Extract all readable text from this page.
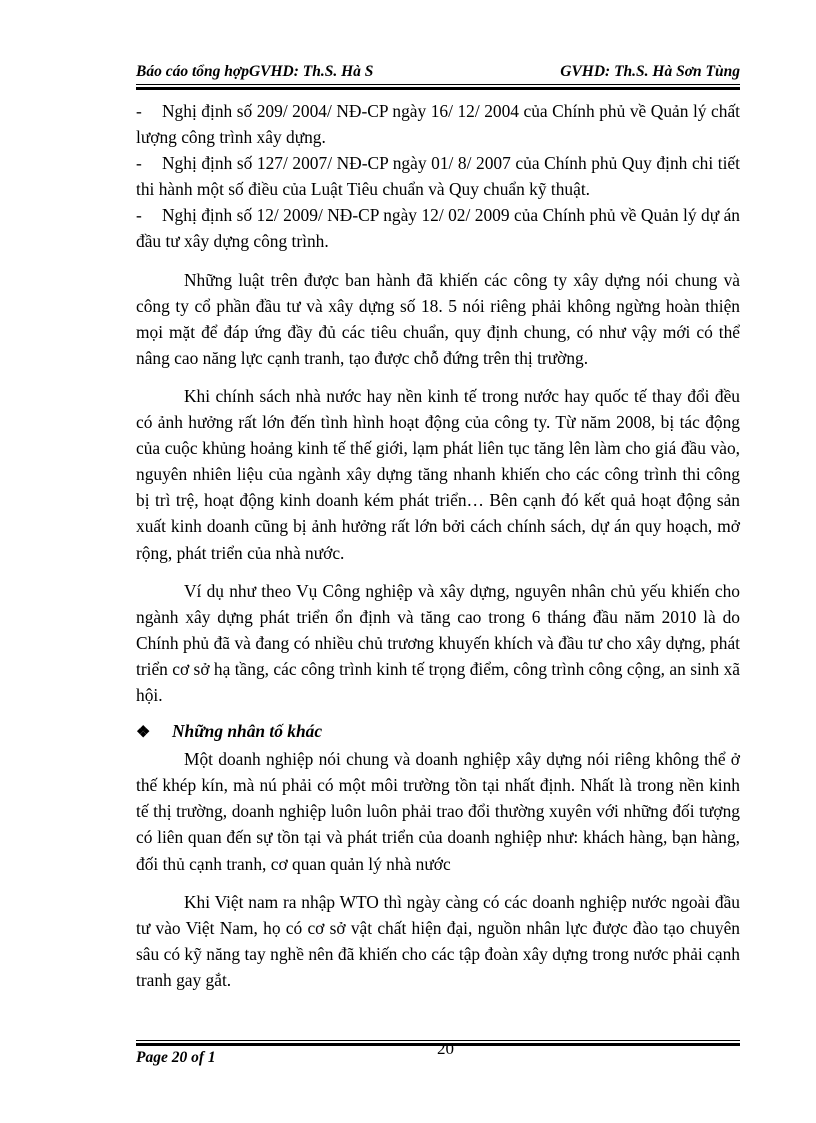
Báo cáo tổng hợpGVHD: Th.S. Hà S	GVHD: Th.S. Hà Sơn Tùng

- Nghị định số 209/ 2004/ NĐ-CP ngày 16/ 12/ 2004 của Chính phủ về Quản lý chất lượng công trình xây dựng.

- Nghị định số 127/ 2007/ NĐ-CP ngày 01/ 8/ 2007 của Chính phủ Quy định chi tiết thi hành một số điều của Luật Tiêu chuẩn và Quy chuẩn kỹ thuật.

- Nghị định số 12/ 2009/ NĐ-CP ngày 12/ 02/ 2009 của Chính phủ về Quản lý dự án đầu tư xây dựng công trình.

Những luật trên được ban hành đã khiến các công ty xây dựng nói chung và công ty cổ phần đầu tư và xây dựng số 18. 5 nói riêng phải không ngừng hoàn thiện mọi mặt để đáp ứng đầy đủ các tiêu chuẩn, quy định chung, có như vậy mới có thể nâng cao năng lực cạnh tranh, tạo được chỗ đứng trên thị trường.

Khi chính sách nhà nước hay nền kinh tế trong nước hay quốc tế thay đổi đều có ảnh hưởng rất lớn đến tình hình hoạt động của công ty. Từ năm 2008, bị tác động của cuộc khủng hoảng kinh tế thế giới, lạm phát liên tục tăng lên làm cho giá đầu vào, nguyên nhiên liệu của ngành xây dựng tăng nhanh khiến cho các công trình thi công bị trì trệ, hoạt động kinh doanh kém phát triển… Bên cạnh đó kết quả hoạt động sản xuất kinh doanh cũng bị ảnh hưởng rất lớn bởi cách chính sách, dự án quy hoạch, mở rộng, phát triển của nhà nước.

Ví dụ như theo Vụ Công nghiệp và xây dựng, nguyên nhân chủ yếu khiến cho ngành xây dựng phát triển ổn định và tăng cao trong 6 tháng đầu năm 2010 là do Chính phủ đã và đang có nhiều chủ trương khuyến khích và đầu tư cho xây dựng, phát triển cơ sở hạ tầng, các công trình kinh tế trọng điểm, công trình công cộng, an sinh xã hội.

❖ Những nhân tố khác

Một doanh nghiệp nói chung và doanh nghiệp xây dựng nói riêng không thể ở thế khép kín, mà nú phải có một môi trường tồn tại nhất định. Nhất là trong nền kinh tế thị trường, doanh nghiệp luôn luôn phải trao đổi thường xuyên với những đối tượng có liên quan đến sự tồn tại và phát triển của doanh nghiệp như: khách hàng, bạn hàng, đối thủ cạnh tranh, cơ quan quản lý nhà nước

Khi Việt nam ra nhập WTO thì ngày càng có các doanh nghiệp nước ngoài đầu tư vào Việt Nam, họ có cơ sở vật chất hiện đại, nguồn nhân lực được đào tạo chuyên sâu có kỹ năng tay nghề nên đã khiến cho các tập đoàn xây dựng trong nước phải cạnh tranh gay gắt.

Page 20 of 1	20
